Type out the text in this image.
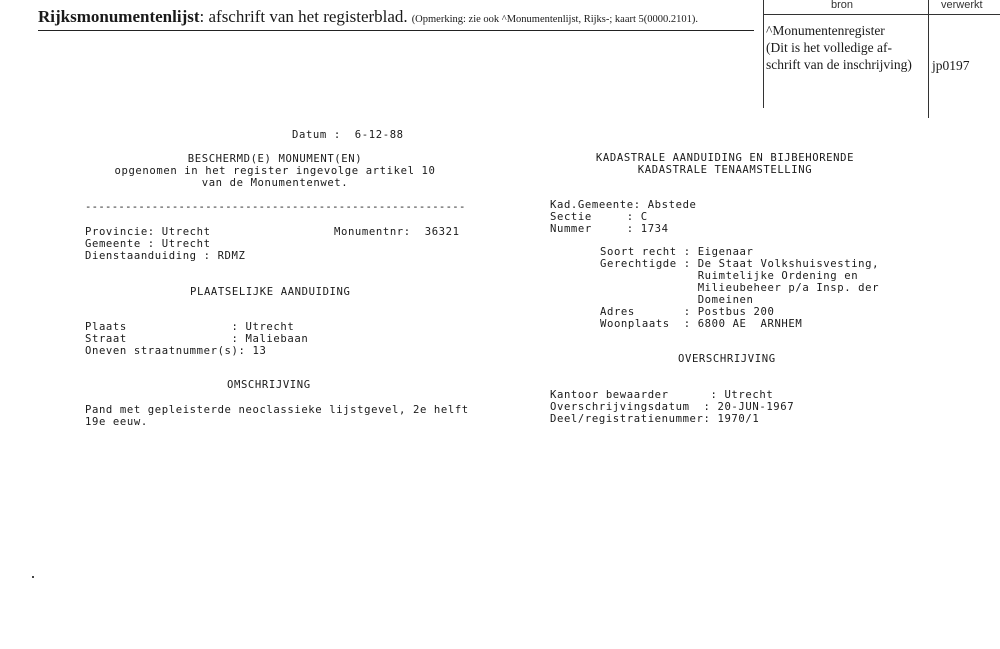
Rijksmonumentenlijst: afschrift van het registerblad. (Opmerking: zie ook ^Monumentenlijst, Rijks-; kaart 5(0000.2101).
bron	verwerkt
^Monumentenregister
(Dit is het volledige af-
schrift van de inschrijving) jp0197
Datum :  6-12-88
BESCHERMD(E) MONUMENT(EN)
opgenomen in het register ingevolge artikel 10
van de Monumentenwet.
---------------------------------------------------------
Provincie: Utrecht	Monumentnr:  36321
Gemeente : Utrecht
Dienstaanduiding : RDMZ
PLAATSELIJKE AANDUIDING
Plaats               : Utrecht
Straat               : Maliebaan
Oneven straatnummer(s): 13
OMSCHRIJVING
Pand met gepleisterde neoclassieke lijstgevel, 2e helft
19e eeuw.
KADASTRALE AANDUIDING EN BIJBEHORENDE
KADASTRALE TENAAMSTELLING
Kad.Gemeente: Abstede
Sectie     : C
Nummer     : 1734
Soort recht : Eigenaar
Gerechtigde : De Staat Volkshuisvesting,
Ruimtelijke Ordening en
Milieubeheer p/a Insp. der
Domeinen
Adres       : Postbus 200
Woonplaats  : 6800 AE  ARNHEM
OVERSCHRIJVING
Kantoor bewaarder      : Utrecht
Overschrijvingsdatum  : 20-JUN-1967
Deel/registratienummer: 1970/1
